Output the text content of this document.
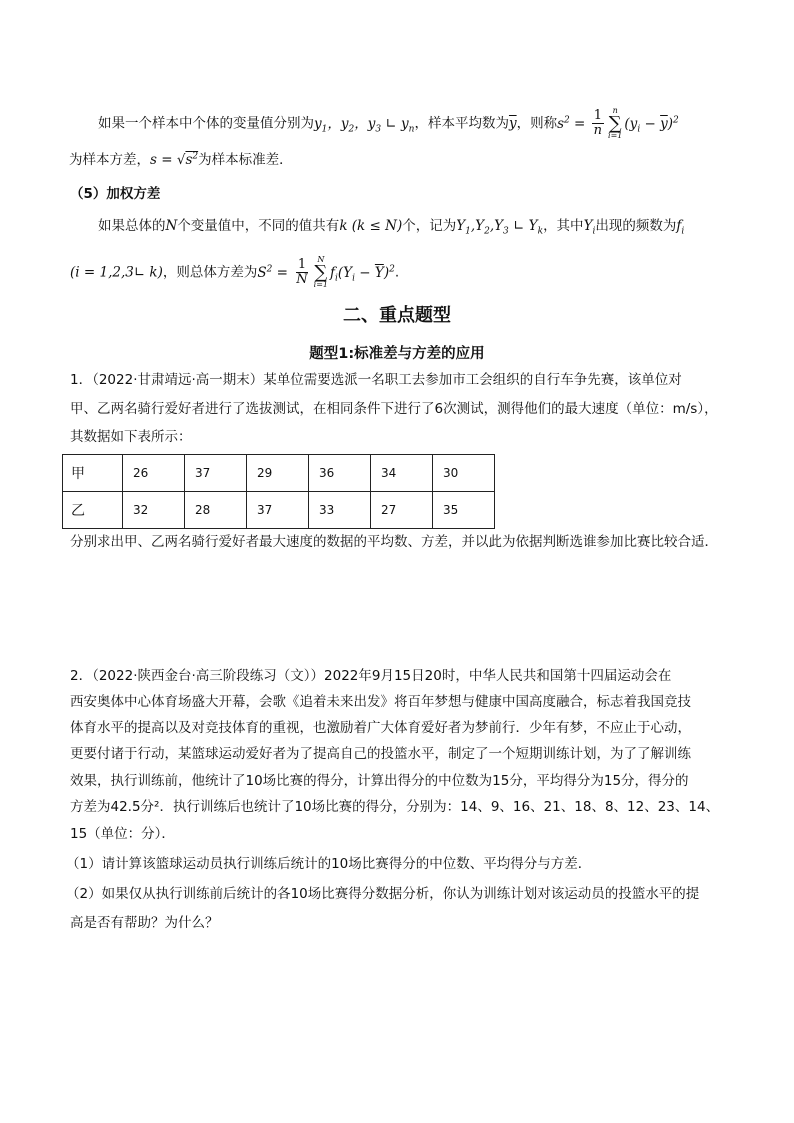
如果一个样本中个体的变量值分别为$y_1$，$y_2$，$y_3$ ∟ $y_n$，样本平均数为$\overline{y}$，则称$s^2 = \frac{1}{n}$ n
∑
i=1
$(y_i - \overline{y})^2$
为样本方差，$s = √s^2$为样本标准差．
（5）加权方差
如果总体的N个变量值中，不同的值共有k (k ≤ N)个，记为$Y_1,Y_2,Y_3$ ∟ $Y_k$，其中$Y_i$出现的频数为$f_i$
(i = 1,2,3∟ k)，则总体方差为$S^2 = \frac{1}{N}$ N
∑
i=1
$f_i(Y_i - \overline{Y})^2$.
二、重点题型
题型1:标准差与方差的应用
1．（2022·甘肃靖远·高一期末）某单位需要选派一名职工去参加市工会组织的自行车争先赛，该单位对
甲、乙两名骑行爱好者进行了选拔测试，在相同条件下进行了6次测试，测得他们的最大速度（单位：m/s），
其数据如下表所示：
甲	26	37	29	36	34	30
乙	32	28	37	33	27	35
分别求出甲、乙两名骑行爱好者最大速度的数据的平均数、方差，并以此为依据判断选谁参加比赛比较合适．
2．（2022·陕西金台·高三阶段练习（文））2022年9月15日20时，中华人民共和国第十四届运动会在
西安奥体中心体育场盛大开幕，会歌《追着未来出发》将百年梦想与健康中国高度融合，标志着我国竞技
体育水平的提高以及对竞技体育的重视，也激励着广大体育爱好者为梦前行．少年有梦，不应止于心动，
更要付诸于行动，某篮球运动爱好者为了提高自己的投篮水平，制定了一个短期训练计划，为了了解训练
效果，执行训练前，他统计了10场比赛的得分，计算出得分的中位数为15分，平均得分为15分，得分的
方差为42.5分²．执行训练后也统计了10场比赛的得分，分别为：14、9、16、21、18、8、12、23、14、
15（单位：分）．
（1）请计算该篮球运动员执行训练后统计的10场比赛得分的中位数、平均得分与方差．
（2）如果仅从执行训练前后统计的各10场比赛得分数据分析，你认为训练计划对该运动员的投篮水平的提
高是否有帮助？为什么？
